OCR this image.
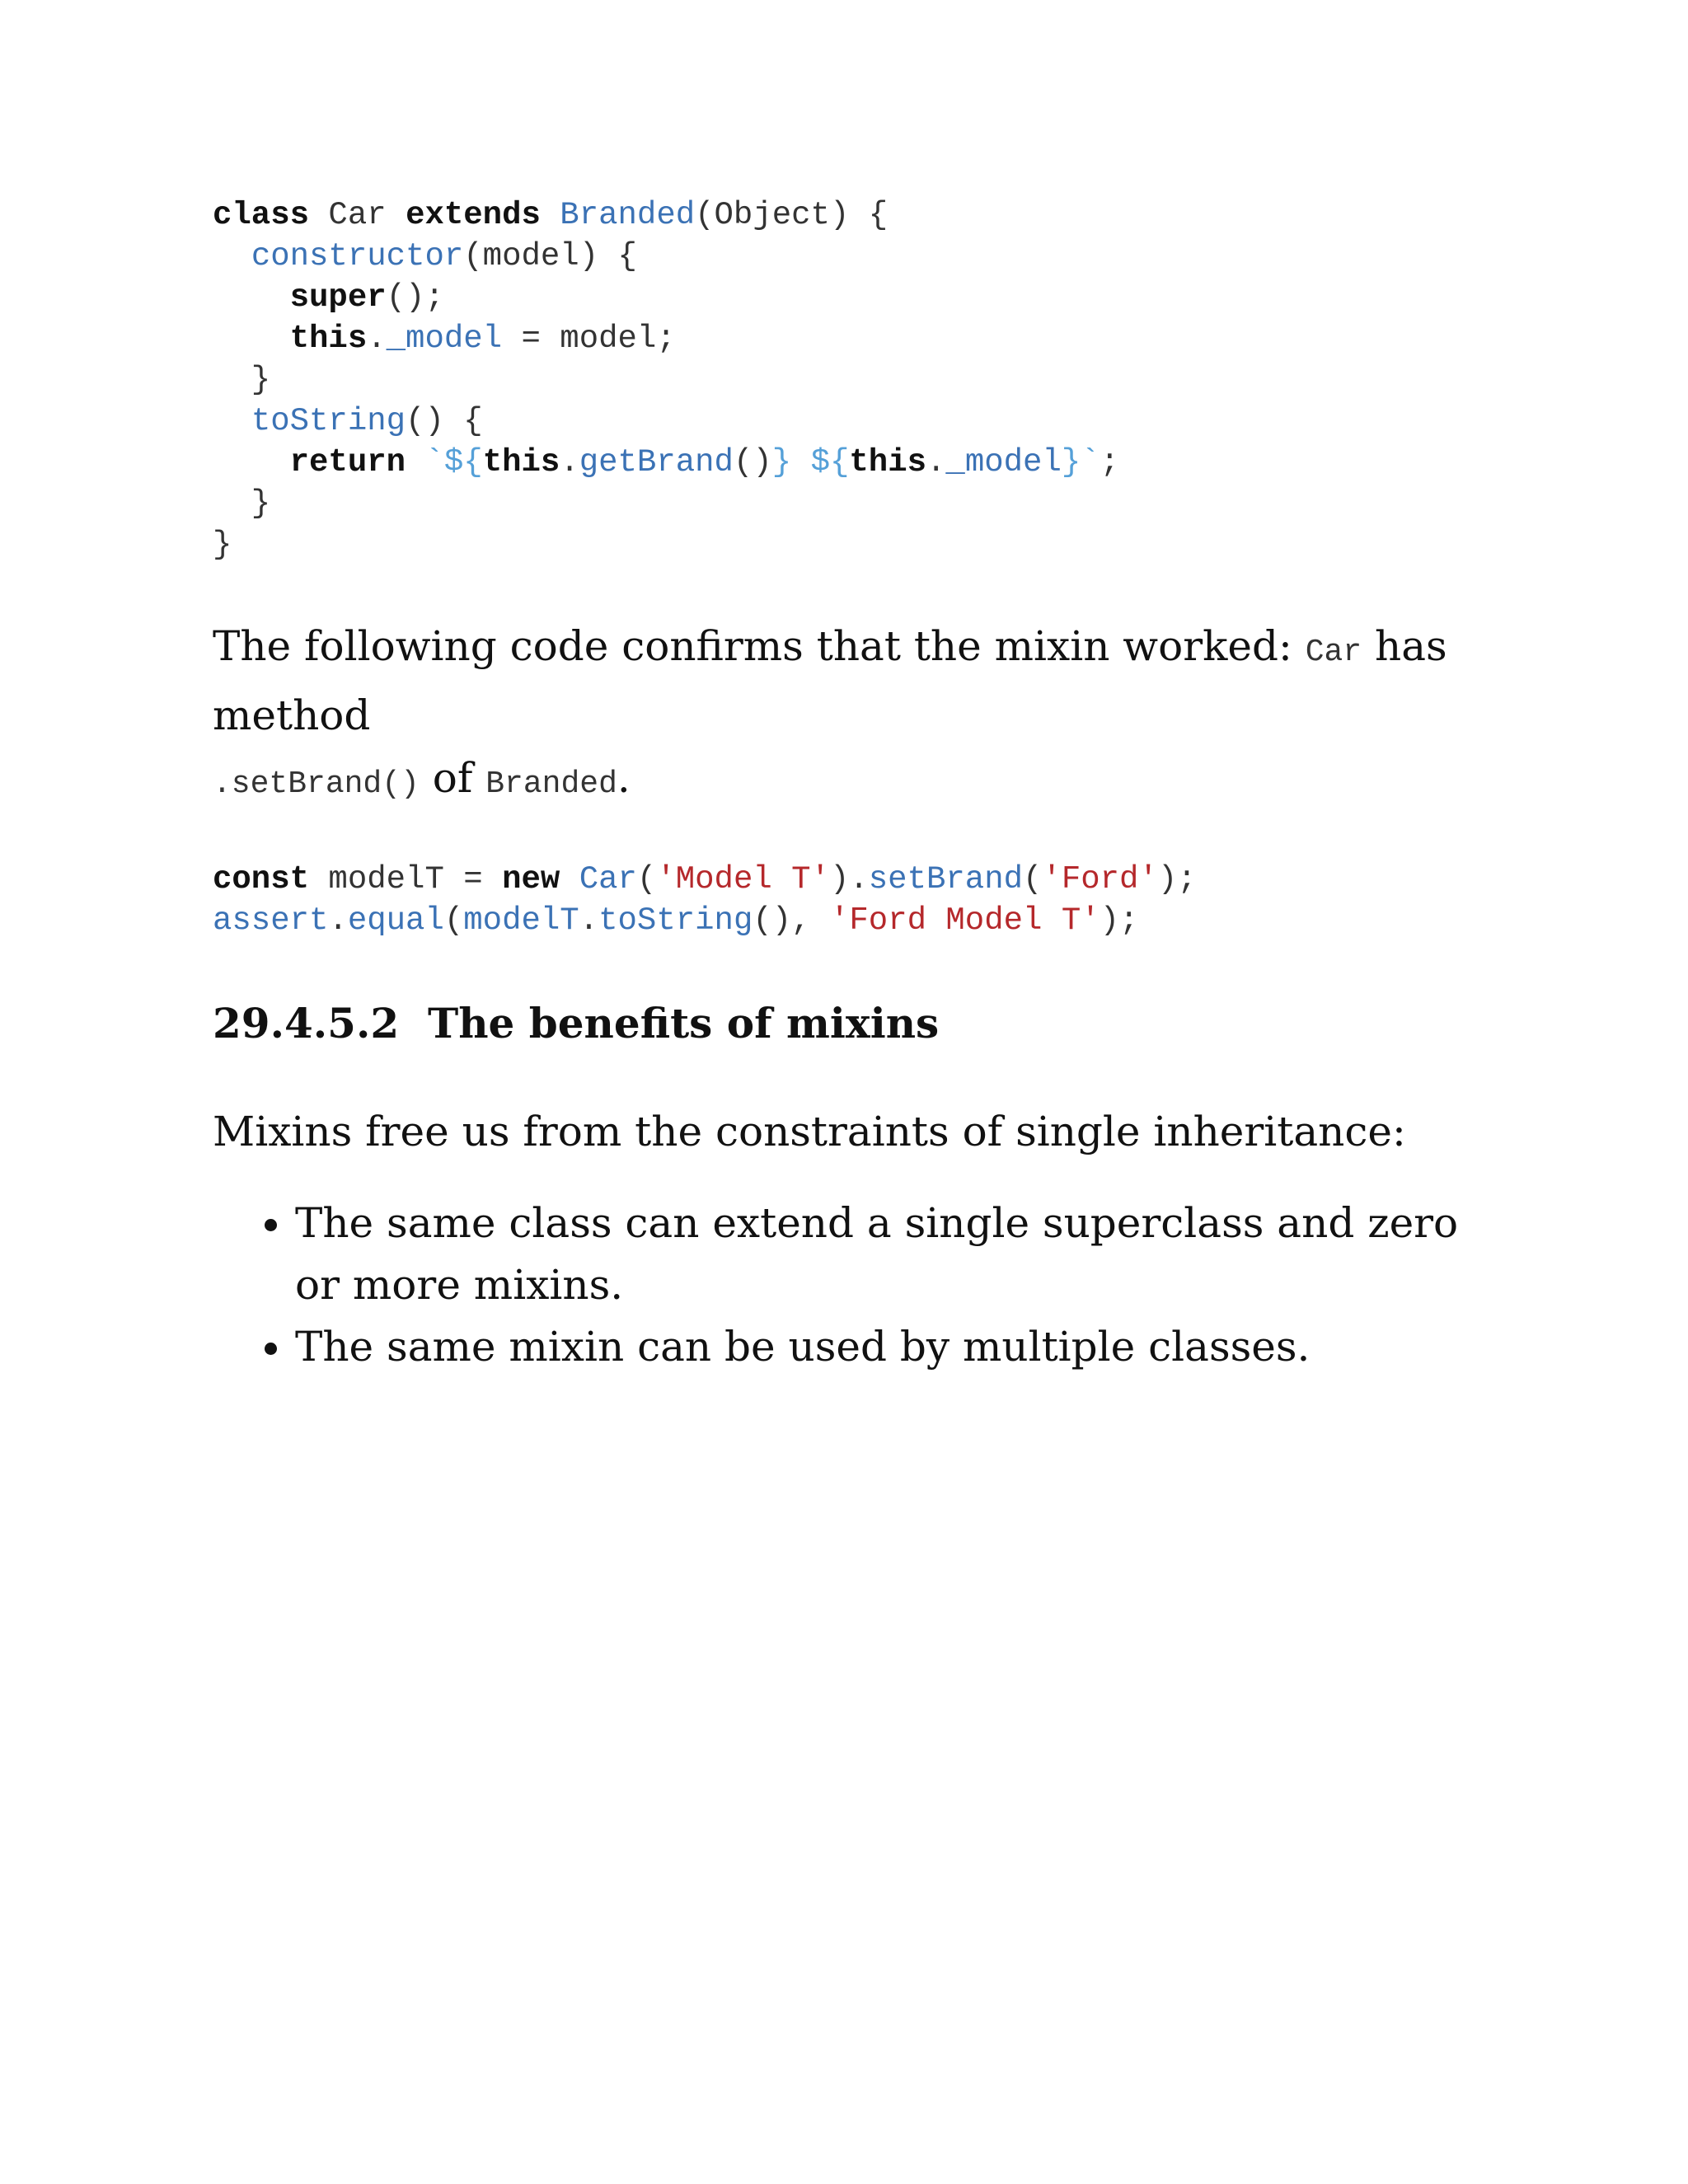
class Car extends Branded(Object) {
constructor(model) {
super();
this._model = model;
}
toString() {
return `${this.getBrand()} ${this._model}`;
}
}

The following code confirms that the mixin worked: Car has method
.setBrand() of Branded.

const modelT = new Car('Model T').setBrand('Ford');
assert.equal(modelT.toString(), 'Ford Model T');
29.4.5.2 The benefits of mixins

Mixins free us from the constraints of single inheritance:

• The same class can extend a single superclass and zero or more mixins.
• The same mixin can be used by multiple classes.
